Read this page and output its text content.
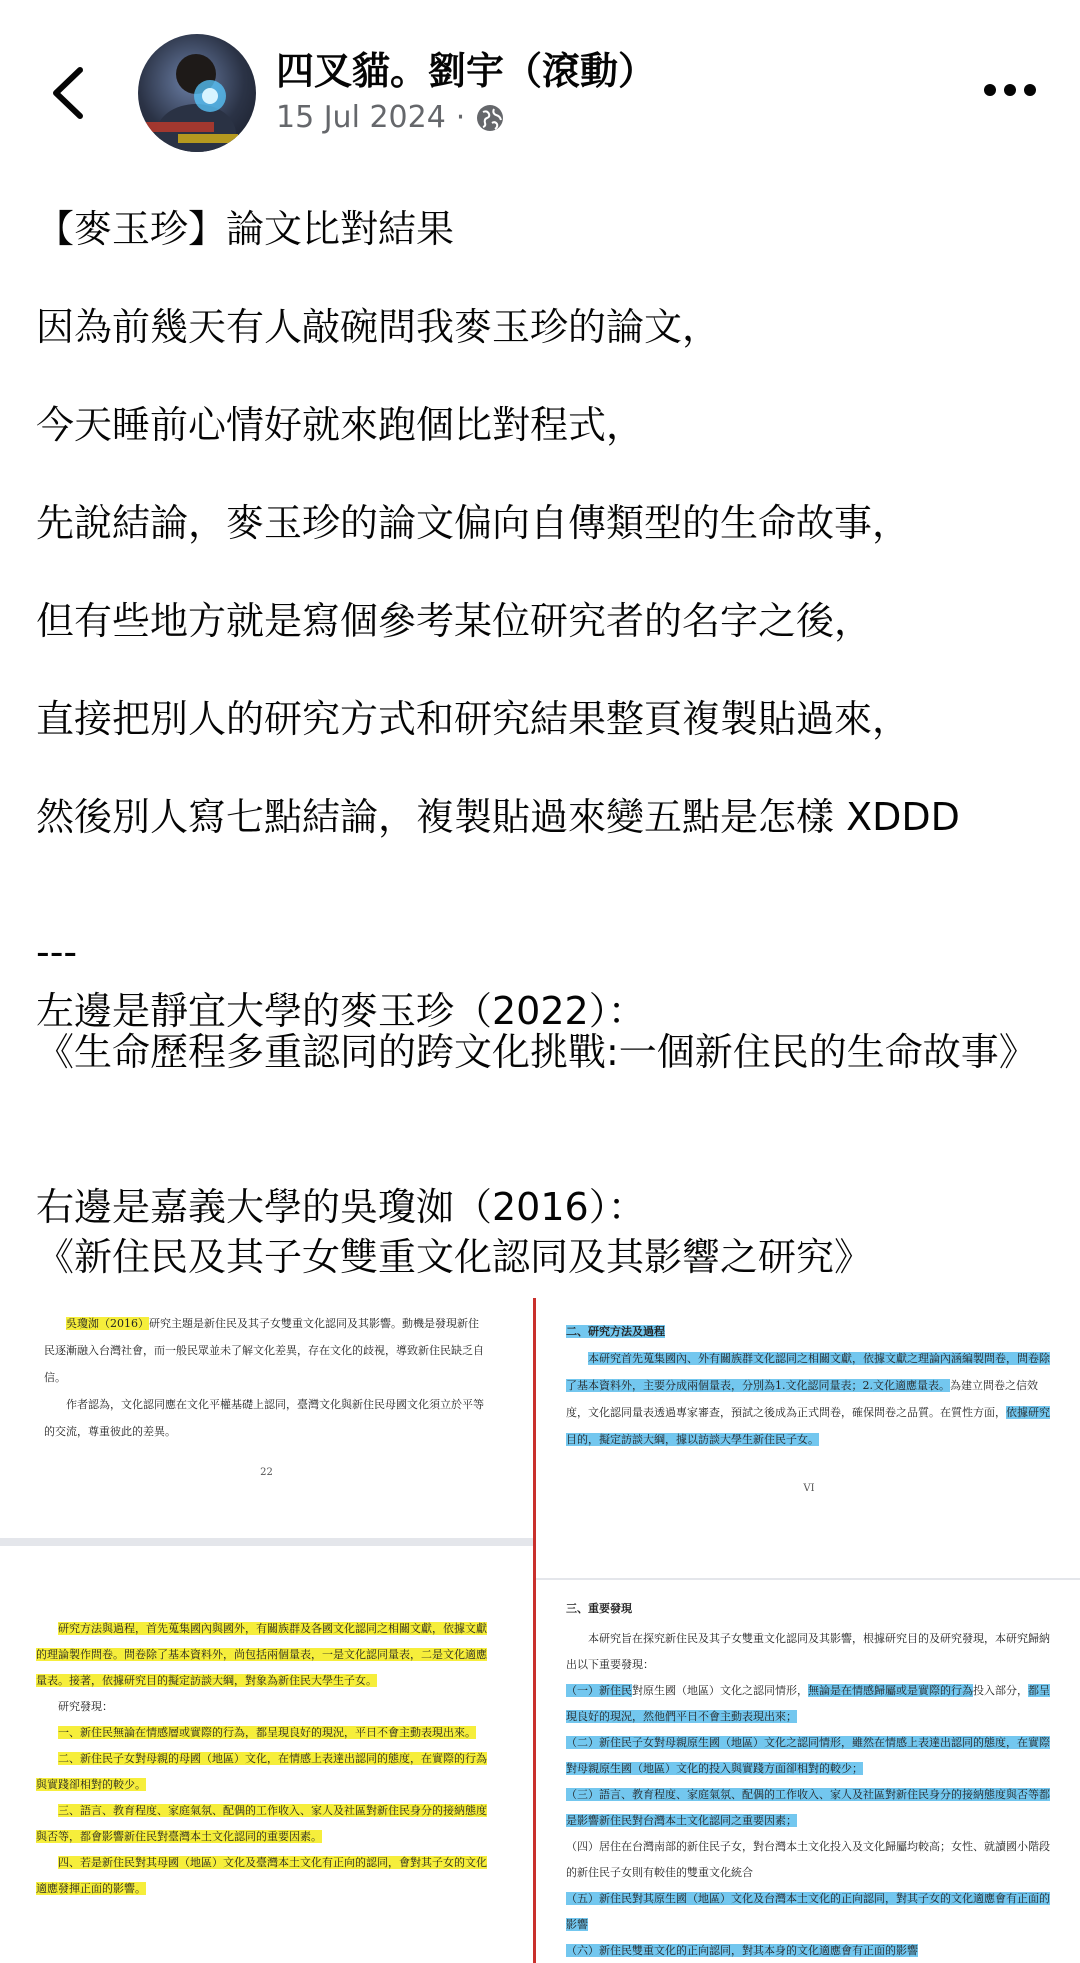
四叉貓。劉宇（滾動）
15 Jul 2024 ·
【麥玉珍】論文比對結果
因為前幾天有人敲碗問我麥玉珍的論文，
今天睡前心情好就來跑個比對程式，
先說結論，麥玉珍的論文偏向自傳類型的生命故事，
但有些地方就是寫個參考某位研究者的名字之後，
直接把別人的研究方式和研究結果整頁複製貼過來，
然後別人寫七點結論，複製貼過來變五點是怎樣 XDDD
---
左邊是靜宜大學的麥玉珍（2022）：
《生命歷程多重認同的跨文化挑戰:一個新住民的生命故事》
右邊是嘉義大學的吳瓊洳（2016）：
《新住民及其子女雙重文化認同及其影響之研究》

吳瓊洳（2016）研究主題是新住民及其子女雙重文化認同及其影響。動機是發現新住民逐漸融入台灣社會，而一般民眾並未了解文化差異，存在文化的歧視，導致新住民缺乏自信。

作者認為，文化認同應在文化平權基礎上認同，臺灣文化與新住民母國文化須立於平等的交流，尊重彼此的差異。

22

研究方法與過程，首先蒐集國內與國外，有關族群及各國文化認同之相關文獻，依據文獻的理論製作問卷。問卷除了基本資料外，尚包括兩個量表，一是文化認同量表，二是文化適應量表。接著，依據研究目的擬定訪談大綱，對象為新住民大學生子女。

研究發現：

一、新住民無論在情感層或實際的行為，都呈現良好的現況，平日不會主動表現出來。

二、新住民子女對母親的母國（地區）文化，在情感上表達出認同的態度，在實際的行為與實踐卻相對的較少。

三、語言、教育程度、家庭氣氛、配偶的工作收入、家人及社區對新住民身分的接納態度與否等，都會影響新住民對臺灣本土文化認同的重要因素。

四、若是新住民對其母國（地區）文化及臺灣本土文化有正向的認同，會對其子女的文化適應發揮正面的影響。

二、研究方法及過程

本研究首先蒐集國內、外有關族群文化認同之相關文獻，依據文獻之理論內涵編製問卷，問卷除了基本資料外，主要分成兩個量表，分別為1.文化認同量表；2.文化適應量表。為建立問卷之信效度，文化認同量表透過專家審查，預試之後成為正式問卷，確保問卷之品質。在質性方面，依據研究目的，擬定訪談大綱，據以訪談大學生新住民子女。

VI

三、重要發現

本研究旨在探究新住民及其子女雙重文化認同及其影響，根據研究目的及研究發現，本研究歸納出以下重要發現：

（一）新住民對原生國（地區）文化之認同情形，無論是在情感歸屬或是實際的行為投入部分，都呈現良好的現況，然他們平日不會主動表現出來；

（二）新住民子女對母親原生國（地區）文化之認同情形，雖然在情感上表達出認同的態度，在實際對母親原生國（地區）文化的投入與實踐方面卻相對的較少；

（三）語言、教育程度、家庭氣氛、配偶的工作收入、家人及社區對新住民身分的接納態度與否等都是影響新住民對台灣本土文化認同之重要因素；

（四）居住在台灣南部的新住民子女，對台灣本土文化投入及文化歸屬均較高；女性、就讀國小階段的新住民子女則有較佳的雙重文化統合

（五）新住民對其原生國（地區）文化及台灣本土文化的正向認同，對其子女的文化適應會有正面的影響

（六）新住民雙重文化的正向認同，對其本身的文化適應會有正面的影響
